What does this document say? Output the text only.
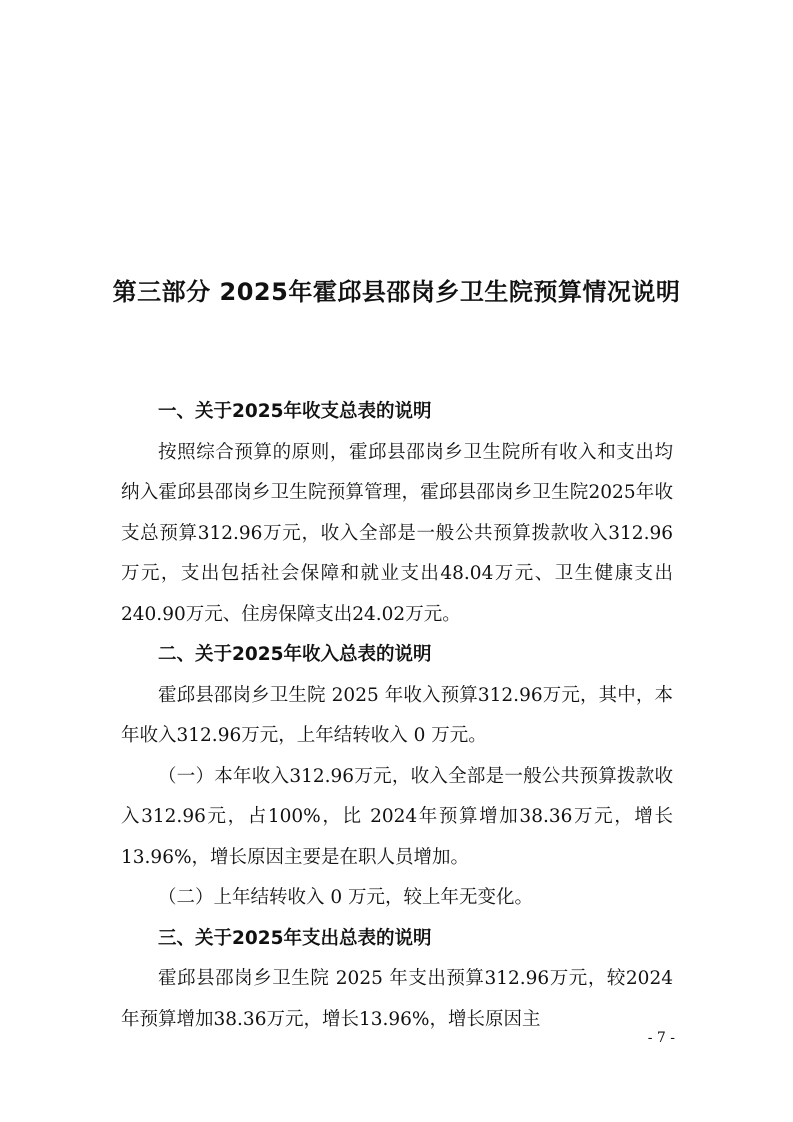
第三部分 2025年霍邱县邵岗乡卫生院预算情况说明
一、关于2025年收支总表的说明

按照综合预算的原则，霍邱县邵岗乡卫生院所有收入和支出均纳入霍邱县邵岗乡卫生院预算管理，霍邱县邵岗乡卫生院2025年收支总预算312.96万元，收入全部是一般公共预算拨款收入312.96万元，支出包括社会保障和就业支出48.04万元、卫生健康支出240.90万元、住房保障支出24.02万元。

二、关于2025年收入总表的说明

霍邱县邵岗乡卫生院 2025 年收入预算312.96万元，其中，本年收入312.96万元，上年结转收入 0 万元。

（一）本年收入312.96万元，收入全部是一般公共预算拨款收入312.96元，占100%，比 2024年预算增加38.36万元，增长13.96%，增长原因主要是在职人员增加。

（二）上年结转收入 0 万元，较上年无变化。

三、关于2025年支出总表的说明

霍邱县邵岗乡卫生院 2025 年支出预算312.96万元，较2024年预算增加38.36万元，增长13.96%，增长原因主

- 7 -
